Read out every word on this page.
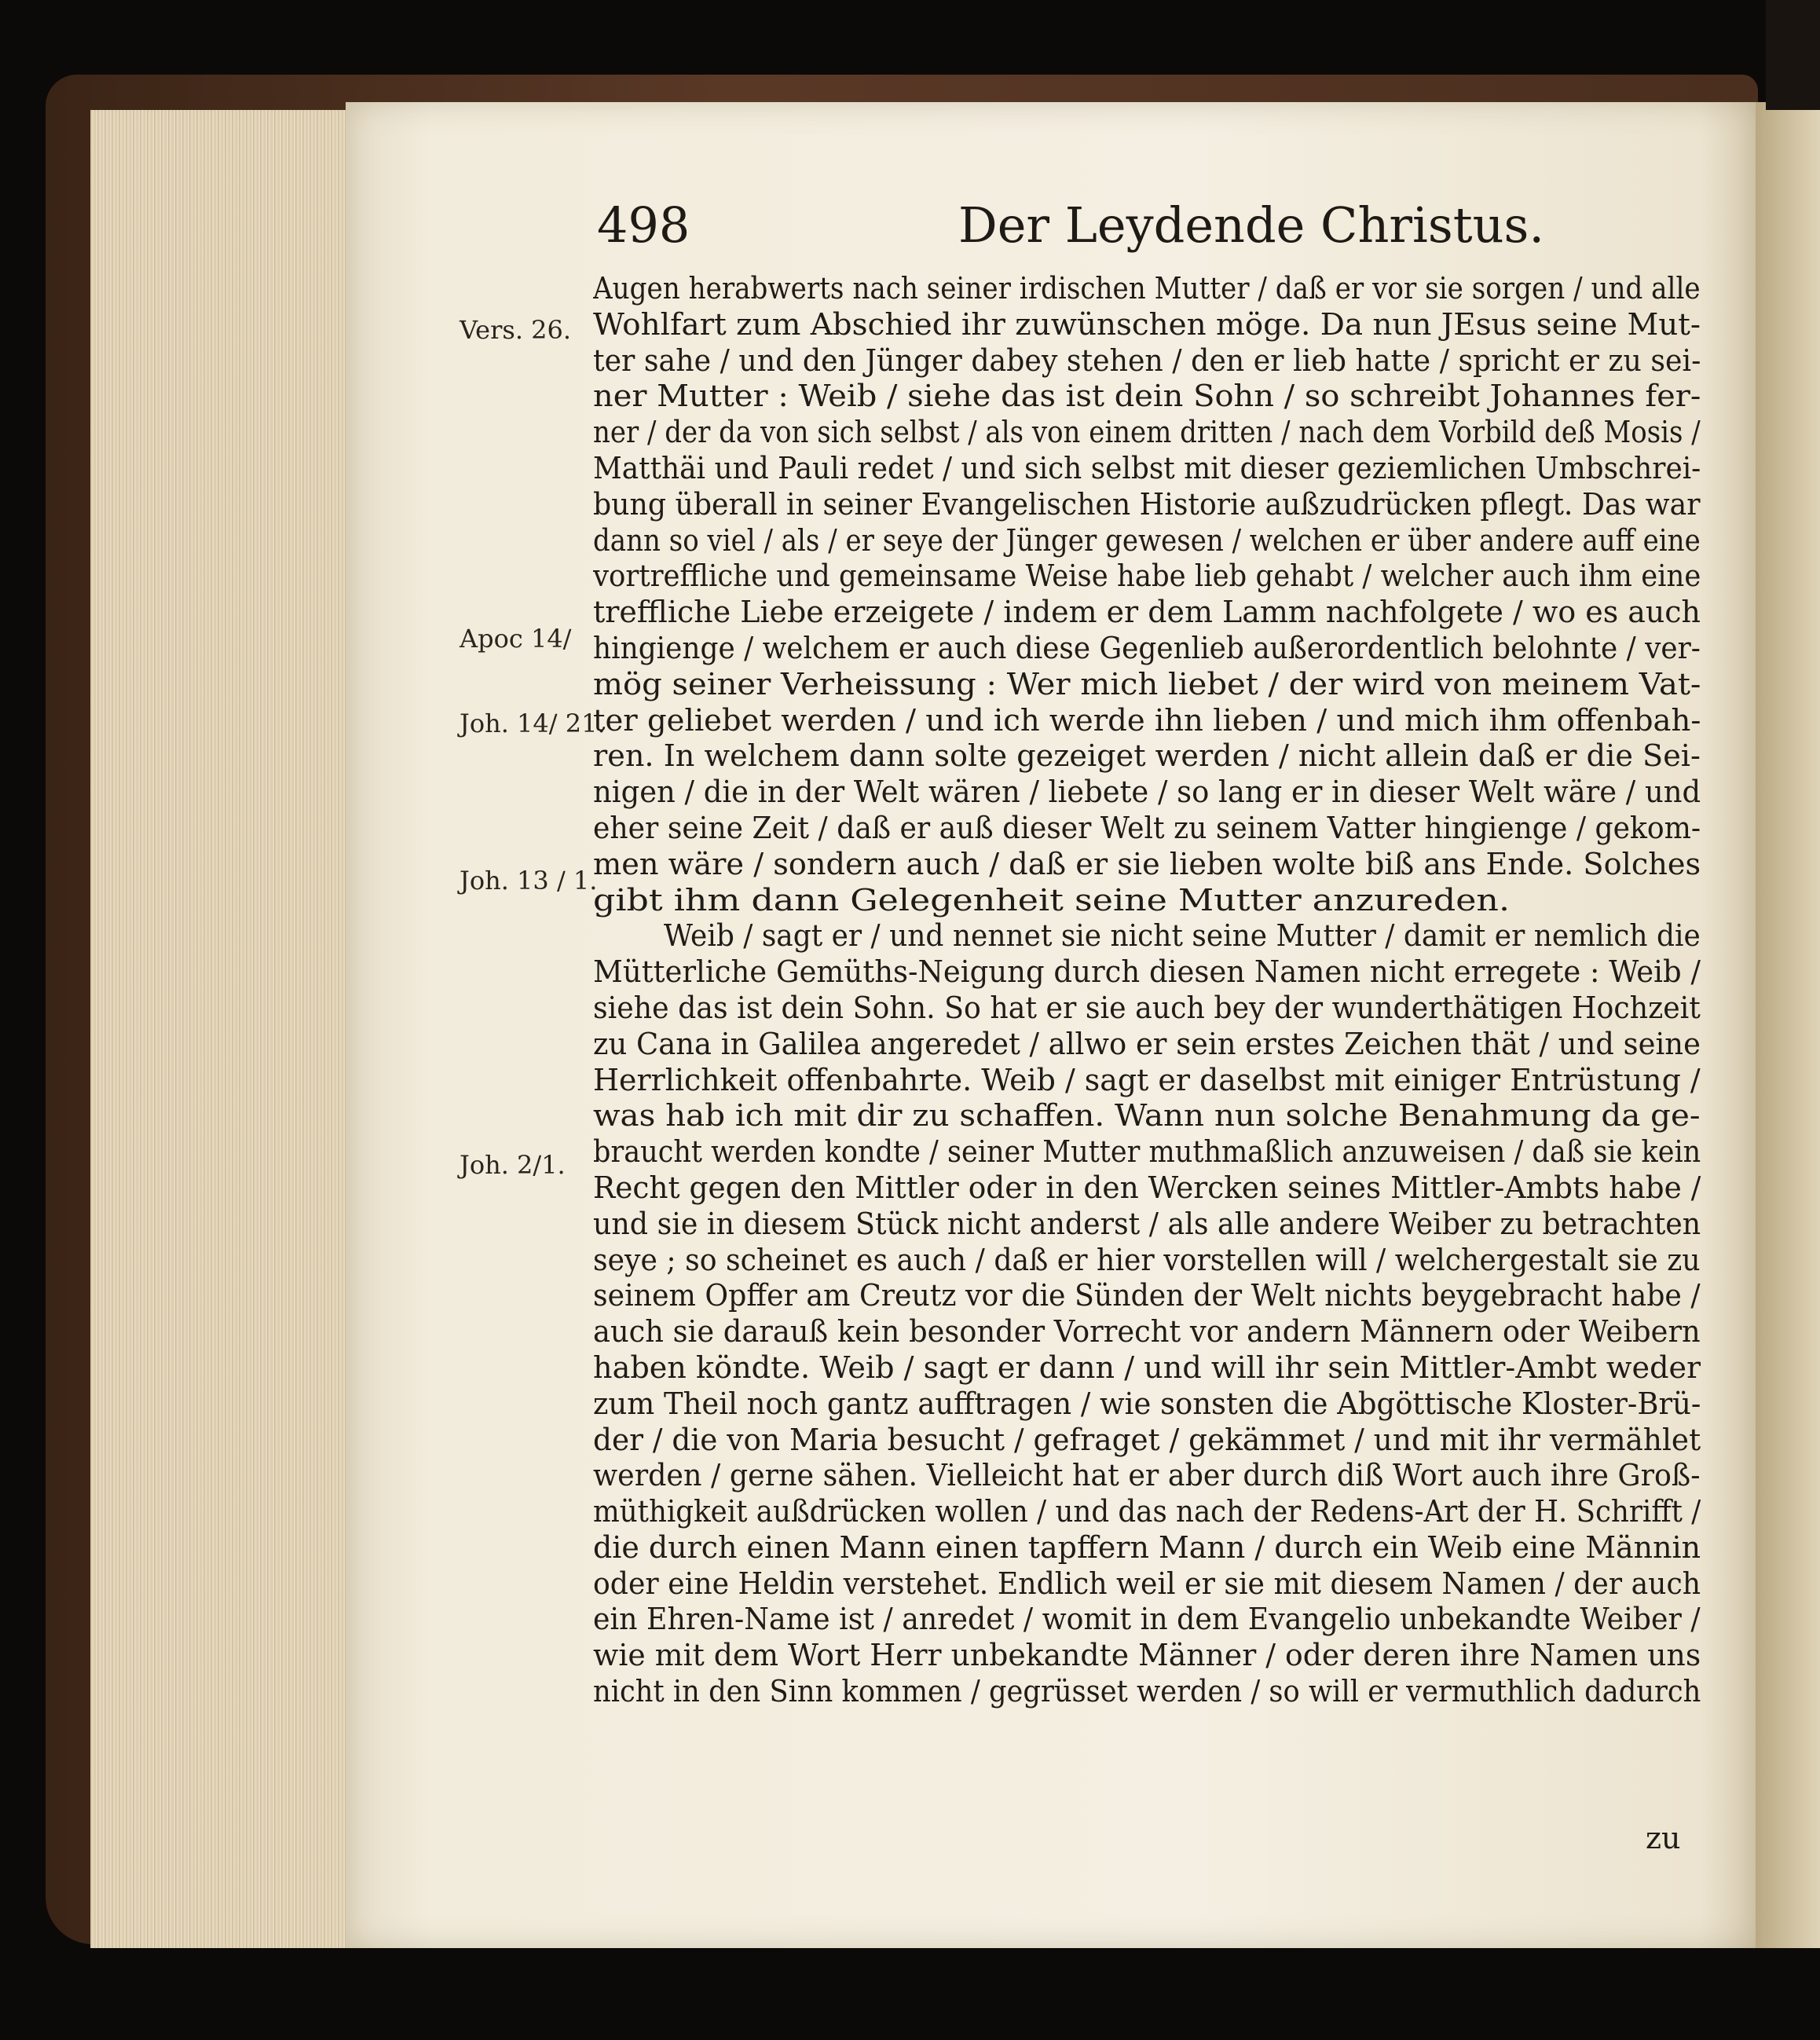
498	Der Leydende Christus.
Vers. 26.
Apoc 14/
Joh. 14/ 21.
Joh. 13 / 1.
Joh. 2/1.
Augen herabwerts nach seiner irdischen Mutter / daß er vor sie sorgen / und alle
Wohlfart zum Abschied ihr zuwünschen möge. Da nun JEsus seine Mut-
ter sahe / und den Jünger dabey stehen / den er lieb hatte / spricht er zu sei-
ner Mutter : Weib / siehe das ist dein Sohn / so schreibt Johannes fer-
ner / der da von sich selbst / als von einem dritten / nach dem Vorbild deß Mosis /
Matthäi und Pauli redet / und sich selbst mit dieser geziemlichen Umbschrei-
bung überall in seiner Evangelischen Historie außzudrücken pflegt. Das war
dann so viel / als / er seye der Jünger gewesen / welchen er über andere auff eine
vortreffliche und gemeinsame Weise habe lieb gehabt / welcher auch ihm eine
treffliche Liebe erzeigete / indem er dem Lamm nachfolgete / wo es auch
hingienge / welchem er auch diese Gegenlieb außerordentlich belohnte / ver-
mög seiner Verheissung : Wer mich liebet / der wird von meinem Vat-
ter geliebet werden / und ich werde ihn lieben / und mich ihm offenbah-
ren. In welchem dann solte gezeiget werden / nicht allein daß er die Sei-
nigen / die in der Welt wären / liebete / so lang er in dieser Welt wäre / und
eher seine Zeit / daß er auß dieser Welt zu seinem Vatter hingienge / gekom-
men wäre / sondern auch / daß er sie lieben wolte biß ans Ende. Solches
gibt ihm dann Gelegenheit seine Mutter anzureden.
Weib / sagt er / und nennet sie nicht seine Mutter / damit er nemlich die
Mütterliche Gemüths-Neigung durch diesen Namen nicht erregete : Weib /
siehe das ist dein Sohn. So hat er sie auch bey der wunderthätigen Hochzeit
zu Cana in Galilea angeredet / allwo er sein erstes Zeichen thät / und seine
Herrlichkeit offenbahrte. Weib / sagt er daselbst mit einiger Entrüstung /
was hab ich mit dir zu schaffen. Wann nun solche Benahmung da ge-
braucht werden kondte / seiner Mutter muthmaßlich anzuweisen / daß sie kein
Recht gegen den Mittler oder in den Wercken seines Mittler-Ambts habe /
und sie in diesem Stück nicht anderst / als alle andere Weiber zu betrachten
seye ; so scheinet es auch / daß er hier vorstellen will / welchergestalt sie zu
seinem Opffer am Creutz vor die Sünden der Welt nichts beygebracht habe /
auch sie darauß kein besonder Vorrecht vor andern Männern oder Weibern
haben köndte. Weib / sagt er dann / und will ihr sein Mittler-Ambt weder
zum Theil noch gantz aufftragen / wie sonsten die Abgöttische Kloster-Brü-
der / die von Maria besucht / gefraget / gekämmet / und mit ihr vermählet
werden / gerne sähen. Vielleicht hat er aber durch diß Wort auch ihre Groß-
müthigkeit außdrücken wollen / und das nach der Redens-Art der H. Schrifft /
die durch einen Mann einen tapffern Mann / durch ein Weib eine Männin
oder eine Heldin verstehet. Endlich weil er sie mit diesem Namen / der auch
ein Ehren-Name ist / anredet / womit in dem Evangelio unbekandte Weiber /
wie mit dem Wort Herr unbekandte Männer / oder deren ihre Namen uns
nicht in den Sinn kommen / gegrüsset werden / so will er vermuthlich dadurch
zu
